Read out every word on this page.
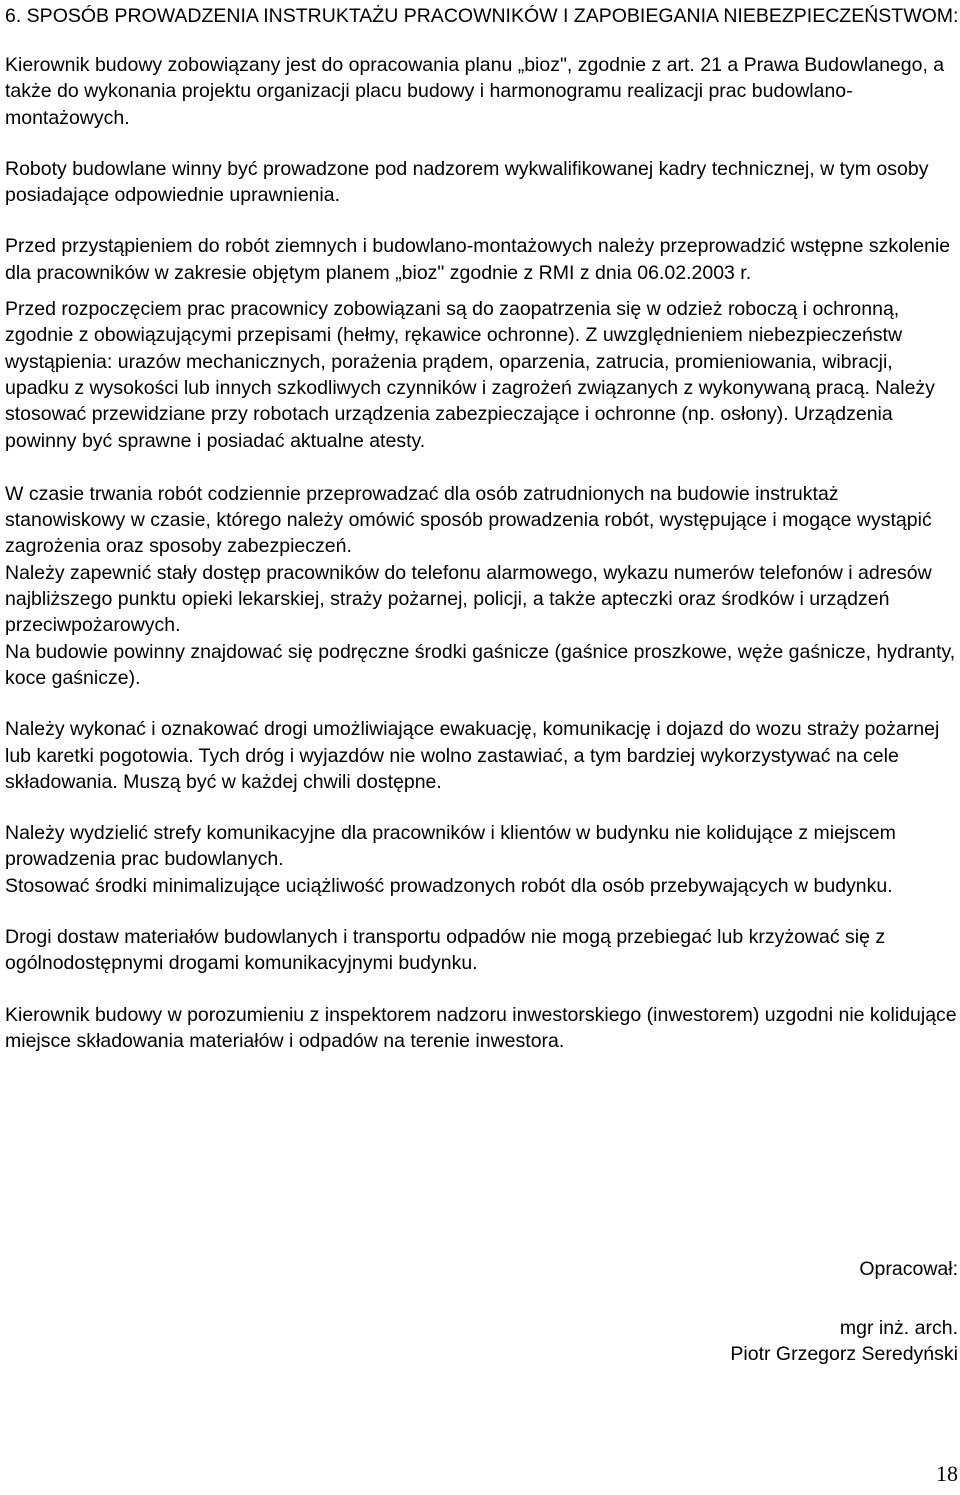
6. SPOSÓB PROWADZENIA INSTRUKTAŻU PRACOWNIKÓW I ZAPOBIEGANIA NIEBEZPIECZEŃSTWOM:

Kierownik budowy zobowiązany jest do opracowania planu „bioz", zgodnie z art. 21 a Prawa Budowlanego, a także do wykonania projektu organizacji placu budowy i harmonogramu realizacji prac budowlano-montażowych.

Roboty budowlane winny być prowadzone pod nadzorem wykwalifikowanej kadry technicznej, w tym osoby posiadające odpowiednie uprawnienia.

Przed przystąpieniem do robót ziemnych i budowlano-montażowych należy przeprowadzić wstępne szkolenie dla pracowników w zakresie objętym planem „bioz" zgodnie z RMI z dnia 06.02.2003 r.

Przed rozpoczęciem prac pracownicy zobowiązani są do zaopatrzenia się w odzież roboczą i ochronną, zgodnie z obowiązującymi przepisami (hełmy, rękawice ochronne). Z uwzględnieniem niebezpieczeństw wystąpienia: urazów mechanicznych, porażenia prądem, oparzenia, zatrucia, promieniowania, wibracji, upadku z wysokości lub innych szkodliwych czynników i zagrożeń związanych z wykonywaną pracą. Należy stosować przewidziane przy robotach urządzenia zabezpieczające i ochronne (np. osłony). Urządzenia powinny być sprawne i posiadać aktualne atesty.

W czasie trwania robót codziennie przeprowadzać dla osób zatrudnionych na budowie instruktaż stanowiskowy w czasie, którego należy omówić sposób prowadzenia robót, występujące i mogące wystąpić zagrożenia oraz sposoby zabezpieczeń.

Należy zapewnić stały dostęp pracowników do telefonu alarmowego, wykazu numerów telefonów i adresów najbliższego punktu opieki lekarskiej, straży pożarnej, policji, a także apteczki oraz środków i urządzeń przeciwpożarowych.

Na budowie powinny znajdować się podręczne środki gaśnicze (gaśnice proszkowe, węże gaśnicze, hydranty, koce gaśnicze).

Należy wykonać i oznakować drogi umożliwiające ewakuację, komunikację i dojazd do wozu straży pożarnej lub karetki pogotowia. Tych dróg i wyjazdów nie wolno zastawiać, a tym bardziej wykorzystywać na cele składowania. Muszą być w każdej chwili dostępne.

Należy wydzielić strefy komunikacyjne dla pracowników i klientów w budynku nie kolidujące z miejscem prowadzenia prac budowlanych.

Stosować środki minimalizujące uciążliwość prowadzonych robót dla osób przebywających w budynku.

Drogi dostaw materiałów budowlanych i transportu odpadów nie mogą przebiegać lub krzyżować się z ogólnodostępnymi drogami komunikacyjnymi budynku.

Kierownik budowy w porozumieniu z inspektorem nadzoru inwestorskiego (inwestorem) uzgodni nie kolidujące miejsce składowania materiałów i odpadów na terenie inwestora.

Opracował:
mgr inż. arch.
Piotr Grzegorz Seredyński
18
